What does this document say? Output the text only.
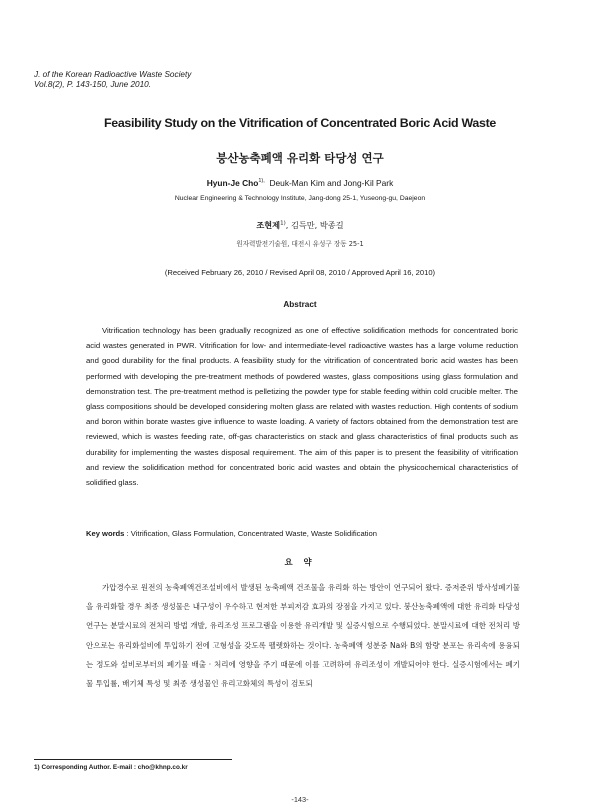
J. of the Korean Radioactive Waste Society
Vol.8(2), P. 143-150, June 2010.
Feasibility Study on the Vitrification of Concentrated Boric Acid Waste
붕산농축폐액 유리화 타당성 연구
Hyun-Je Cho$^{1),}$ Deuk-Man Kim and Jong-Kil Park
Nuclear Engineering & Technology Institute, Jang-dong 25-1, Yuseong-gu, Daejeon
조현제$^{1)}$, 김득만, 박종길
원자력발전기술원, 대전시 유성구 장동 25-1
(Received February 26, 2010 / Revised April 08, 2010 / Approved April 16, 2010)
Abstract
Vitrification technology has been gradually recognized as one of effective solidification methods for concentrated boric acid wastes generated in PWR. Vitrification for low- and intermediate-level radioactive wastes has a large volume reduction and good durability for the final products. A feasibility study for the vitrification of concentrated boric acid wastes has been performed with developing the pre-treatment methods of powdered wastes, glass compositions using glass formulation and demonstration test. The pre-treatment method is pelletizing the powder type for stable feeding within cold crucible melter. The glass compositions should be developed considering molten glass are related with wastes reduction. High contents of sodium and boron within borate wastes give influence to waste loading. A variety of factors obtained from the demonstration test are reviewed, which is wastes feeding rate, off-gas characteristics on stack and glass characteristics of final products such as durability for implementing the wastes disposal requirement. The aim of this paper is to present the feasibility of vitrification and review the solidification method for concentrated boric acid wastes and obtain the physicochemical characteristics of solidified glass.
Key words : Vitrification, Glass Formulation, Concentrated Waste, Waste Solidification
요 약
가압경수로 원전의 농축폐액건조설비에서 발생된 농축폐액 건조물을 유리화 하는 방안이 연구되어 왔다. 증저준위 방사성폐기물을 유리화할 경우 최종 생성물은 내구성이 우수하고 현저한 부피저감 효과의 장점을 가지고 있다. 붕산농축폐액에 대한 유리화 타당성 연구는 분말시료의 전처리 방법 개발, 유리조성 프로그램을 이용한 유리개발 및 실증시험으로 수행되었다. 분말시료에 대한 전처리 방안으로는 유리화설비에 투입하기 전에 고형성을 갖도록 펠렛화하는 것이다. 농축폐액 성분중 Na와 B의 함량 분포는 유리속에 용융되는 정도와 설비로부터의 폐기물 배출 · 처리에 영향을 주기 때문에 이를 고려하여 유리조성이 개발되어야 한다. 실증시험에서는 폐기물 투입률, 배기체 특성 및 최종 생성물인 유리고화체의 특성이 검토되
1) Corresponding Author. E-mail : cho@khnp.co.kr
-143-
